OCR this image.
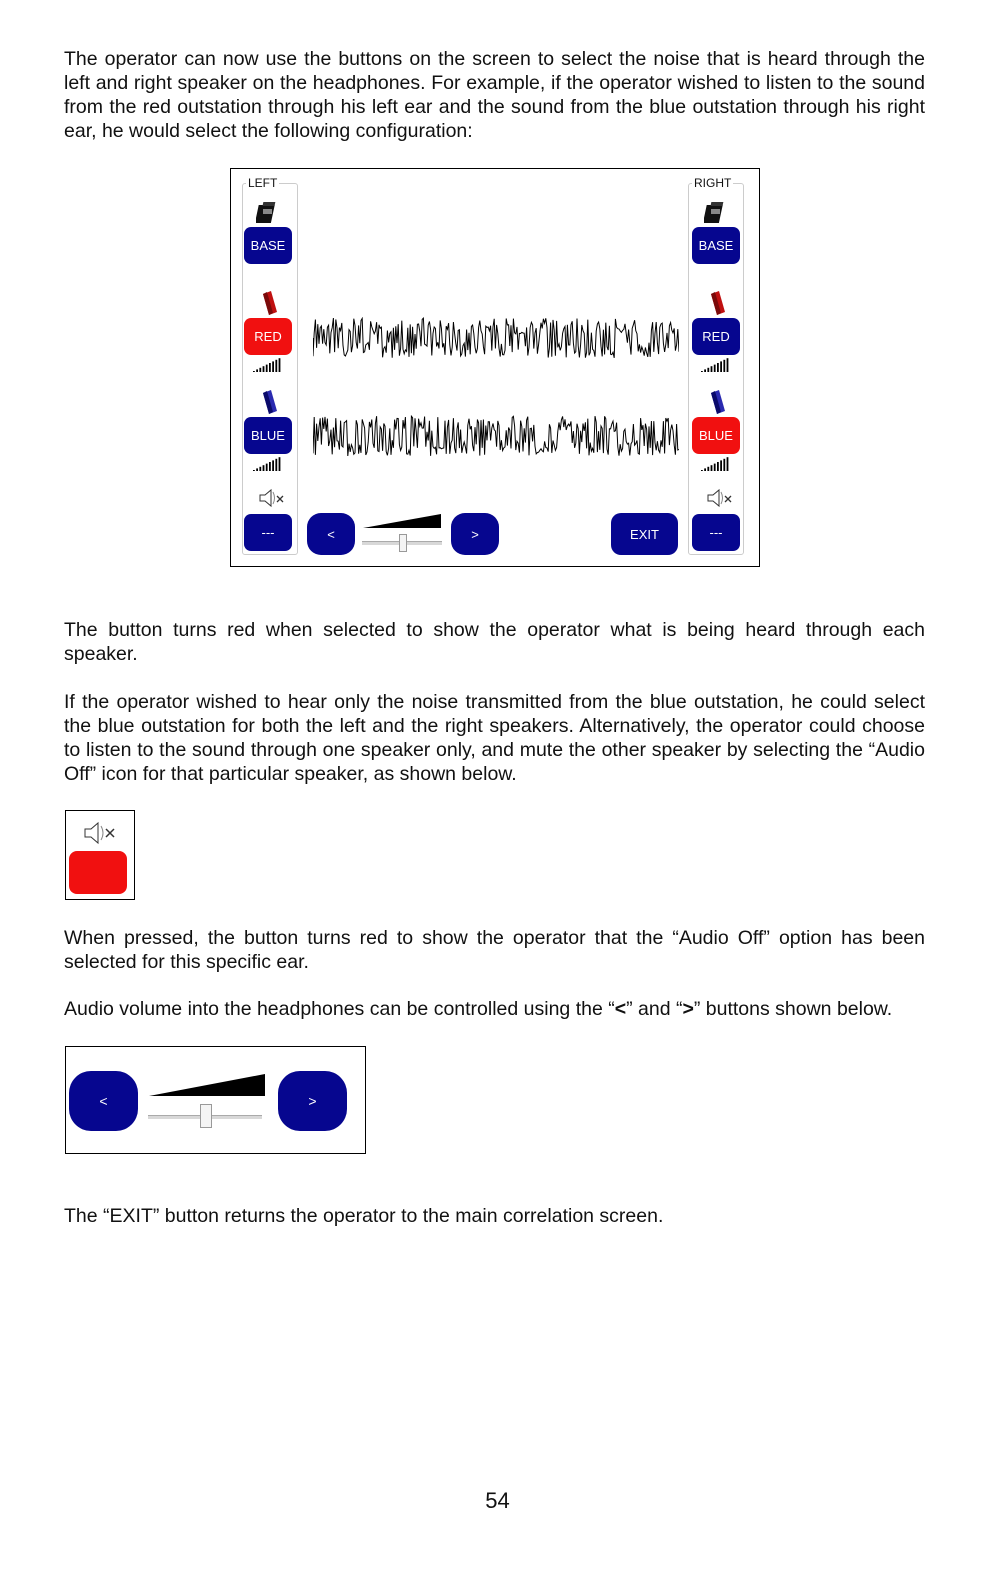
The operator can now use the buttons on the screen to select the noise that is heard through the left and right speaker on the headphones. For example, if the operator wished to listen to the sound from the red outstation through his left ear and the sound from the blue outstation through his right ear, he would select the following configuration:

LEFT	RIGHT
BASE
RED
BLUE
---
BASE
RED
BLUE
---
<	>	EXIT

The button turns red when selected to show the operator what is being heard through each speaker.

If the operator wished to hear only the noise transmitted from the blue outstation, he could select the blue outstation for both the left and the right speakers. Alternatively, the operator could choose to listen to the sound through one speaker only, and mute the other speaker by selecting the “Audio Off” icon for that particular speaker, as shown below.

When pressed, the button turns red to show the operator that the “Audio Off” option has been selected for this specific ear.

Audio volume into the headphones can be controlled using the “<” and “>” buttons shown below.

<	>

The “EXIT” button returns the operator to the main correlation screen.

54
